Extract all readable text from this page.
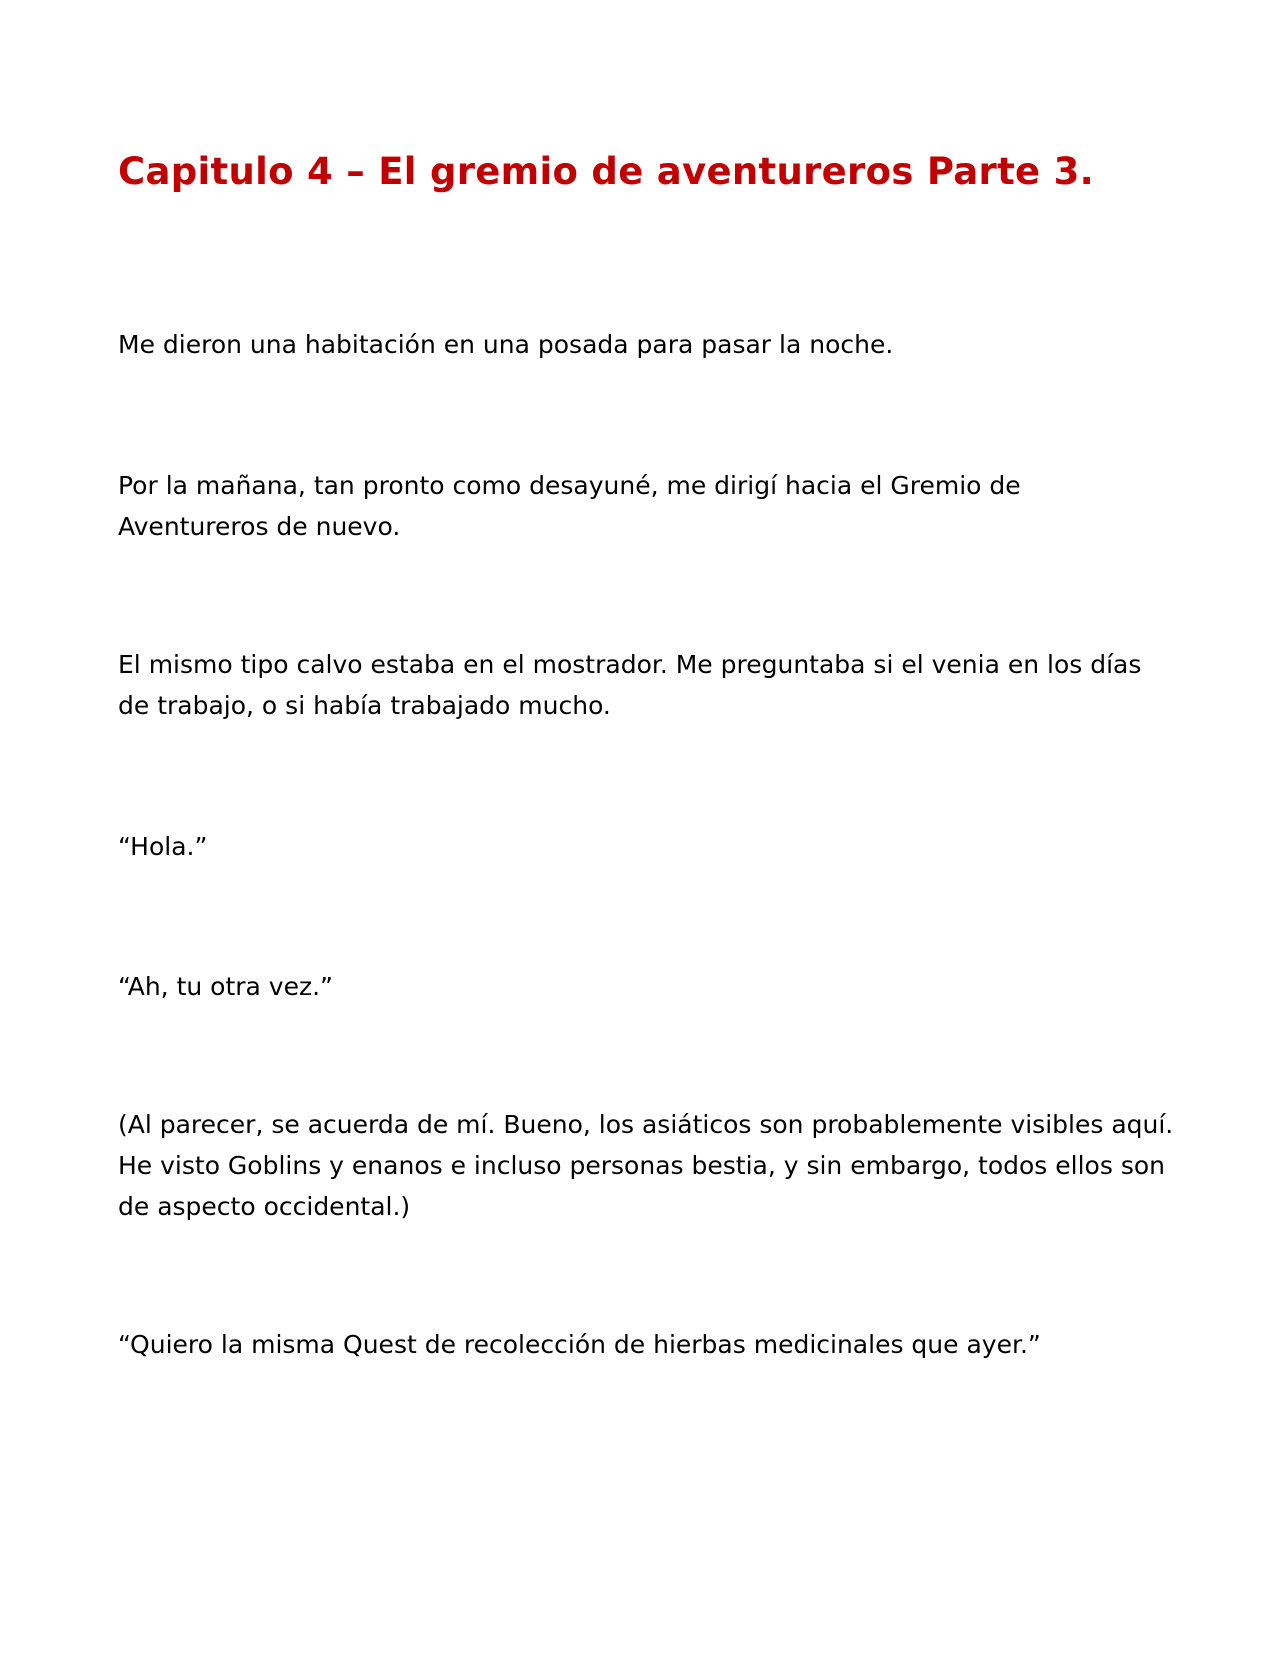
Capitulo 4 – El gremio de aventureros Parte 3.

Me dieron una habitación en una posada para pasar la noche.

Por la mañana, tan pronto como desayuné, me dirigí hacia el Gremio de Aventureros de nuevo.

El mismo tipo calvo estaba en el mostrador. Me preguntaba si el venia en los días de trabajo, o si había trabajado mucho.

“Hola.”

“Ah, tu otra vez.”

(Al parecer, se acuerda de mí. Bueno, los asiáticos son probablemente visibles aquí. He visto Goblins y enanos e incluso personas bestia, y sin embargo, todos ellos son de aspecto occidental.)

“Quiero la misma Quest de recolección de hierbas medicinales que ayer.”
